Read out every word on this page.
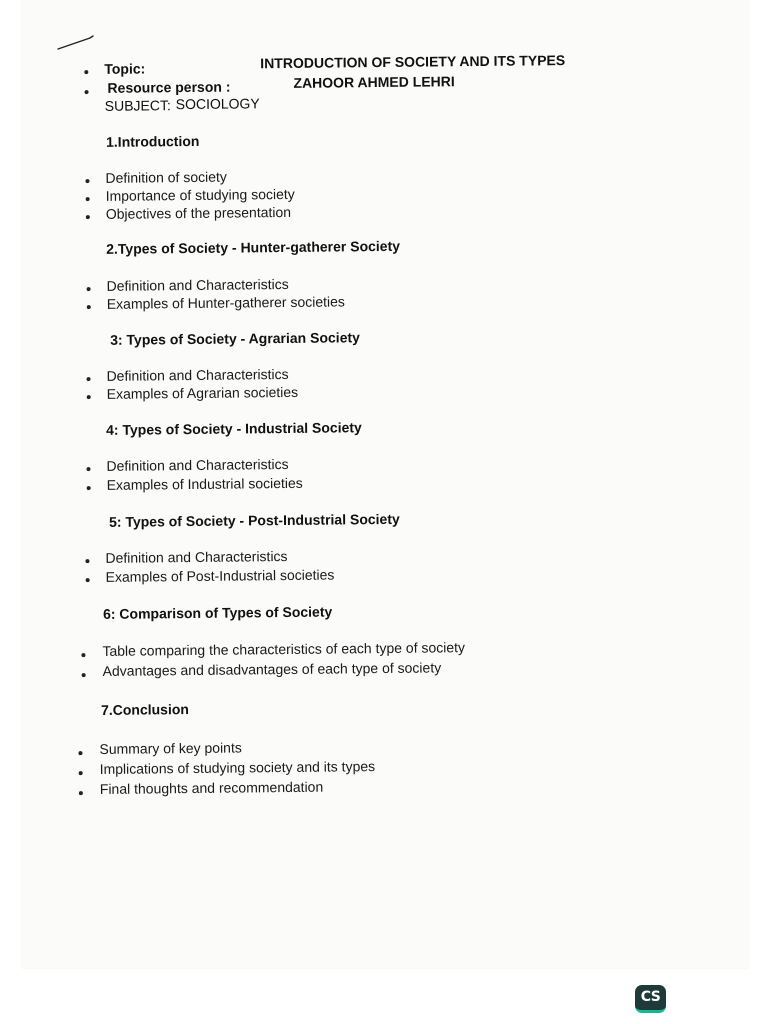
Topic:	INTRODUCTION OF SOCIETY AND ITS TYPES
Resource person :	ZAHOOR AHMED LEHRI
SUBJECT: SOCIOLOGY
1.Introduction
Definition of society
Importance of studying society
Objectives of the presentation
2.Types of Society - Hunter-gatherer Society
Definition and Characteristics
Examples of Hunter-gatherer societies
3: Types of Society - Agrarian Society
Definition and Characteristics
Examples of Agrarian societies
4: Types of Society - Industrial Society
Definition and Characteristics
Examples of Industrial societies
5: Types of Society - Post-Industrial Society
Definition and Characteristics
Examples of Post-Industrial societies
6: Comparison of Types of Society
Table comparing the characteristics of each type of society
Advantages and disadvantages of each type of society
7.Conclusion
Summary of key points
Implications of studying society and its types
Final thoughts and recommendation
CS
